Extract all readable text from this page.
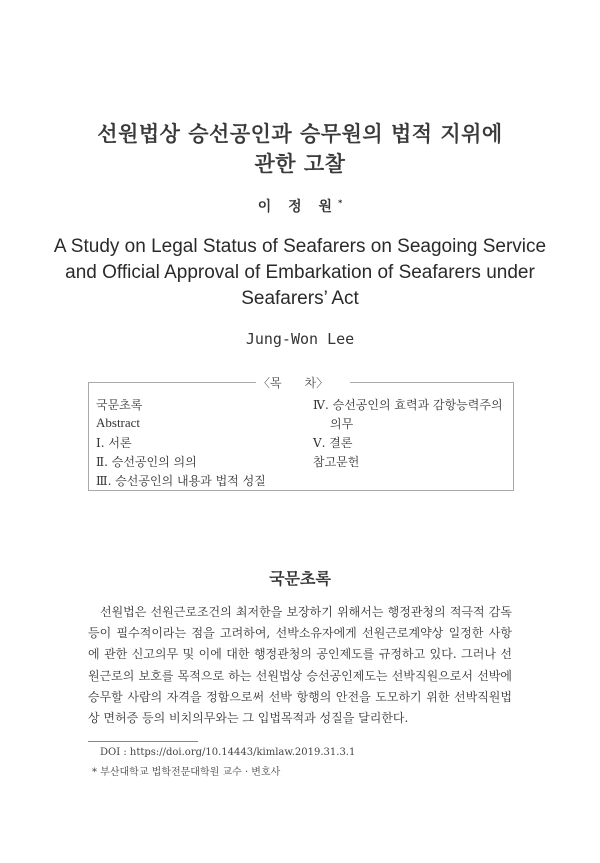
선원법상 승선공인과 승무원의 법적 지위에
관한 고찰
이 정 원*
A Study on Legal Status of Seafarers on Seagoing Service
and Official Approval of Embarkation of Seafarers under
Seafarers’ Act
Jung-Won Lee
〈목      차〉
국문초록
Abstract
Ⅰ. 서론
Ⅱ. 승선공인의 의의
Ⅲ. 승선공인의 내용과 법적 성질
Ⅳ. 승선공인의 효력과 감항능력주의
의무
Ⅴ. 결론
참고문헌
국문초록

선원법은 선원근로조건의 최저한을 보장하기 위해서는 행정관청의 적극적 감독 등이 필수적이라는 점을 고려하여, 선박소유자에게 선원근로계약상 일정한 사항에 관한 신고의무 및 이에 대한 행정관청의 공인제도를 규정하고 있다. 그러나 선원근로의 보호를 목적으로 하는 선원법상 승선공인제도는 선박직원으로서 선박에 승무할 사람의 자격을 정함으로써 선박 항행의 안전을 도모하기 위한 선박직원법상 면허증 등의 비치의무와는 그 입법목적과 성질을 달리한다.

DOI : https://doi.org/10.14443/kimlaw.2019.31.3.1
* 부산대학교 법학전문대학원 교수 · 변호사
